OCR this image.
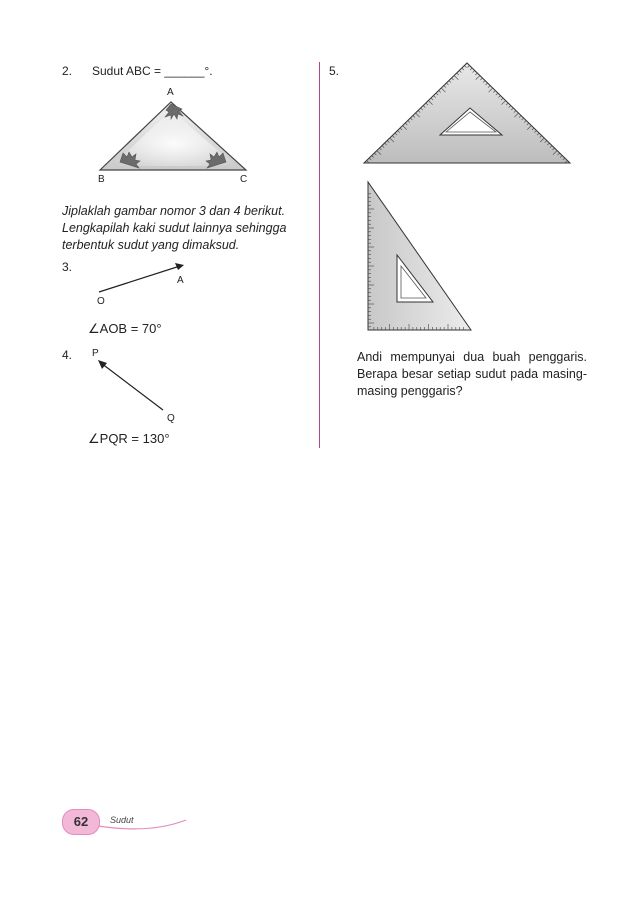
2. Sudut ABC = ______°.
A
B	C
Jiplaklah gambar nomor 3 dan 4 berikut. Lengkapilah kaki sudut lainnya sehingga terbentuk sudut yang dimaksud.
3.
O
A
∠AOB = 70°
4. P
Q
∠PQR = 130°
5.
Andi mempunyai dua buah penggaris. Berapa besar setiap sudut pada masing-masing penggaris?
62	Sudut
